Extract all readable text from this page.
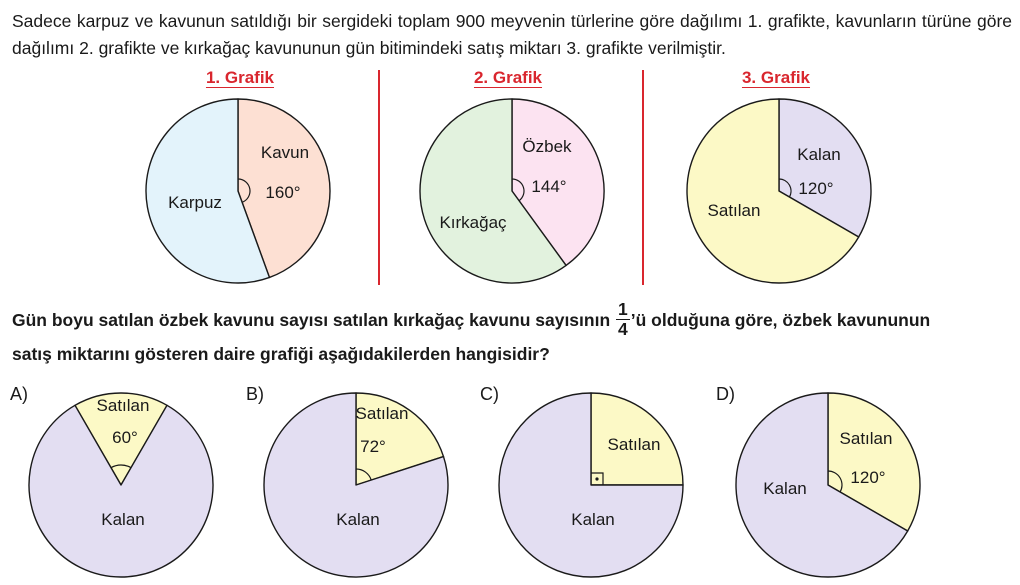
Sadece karpuz ve kavunun satıldığı bir sergideki toplam 900 meyvenin türlerine göre dağılımı 1. grafikte, kavunların türüne göre dağılımı 2. grafikte ve kırkağaç kavununun gün bitimindeki satış miktarı 3. grafikte verilmiştir.
1. Grafik	2. Grafik	3. Grafik
Karpuz
Kavun
160°
Kırkağaç
Özbek
144°
Satılan
Kalan
120°
Gün boyu satılan özbek kavunu sayısı satılan kırkağaç kavunu sayısının $\frac{1}{4}$ ’ü olduğuna göre, özbek kavununun
satış miktarını gösteren daire grafiği aşağıdakilerden hangisidir?
A)	B)	C)	D)
Satılan
60°
Kalan
Satılan
72°
Kalan
Satılan
Kalan
Satılan
120°
Kalan
